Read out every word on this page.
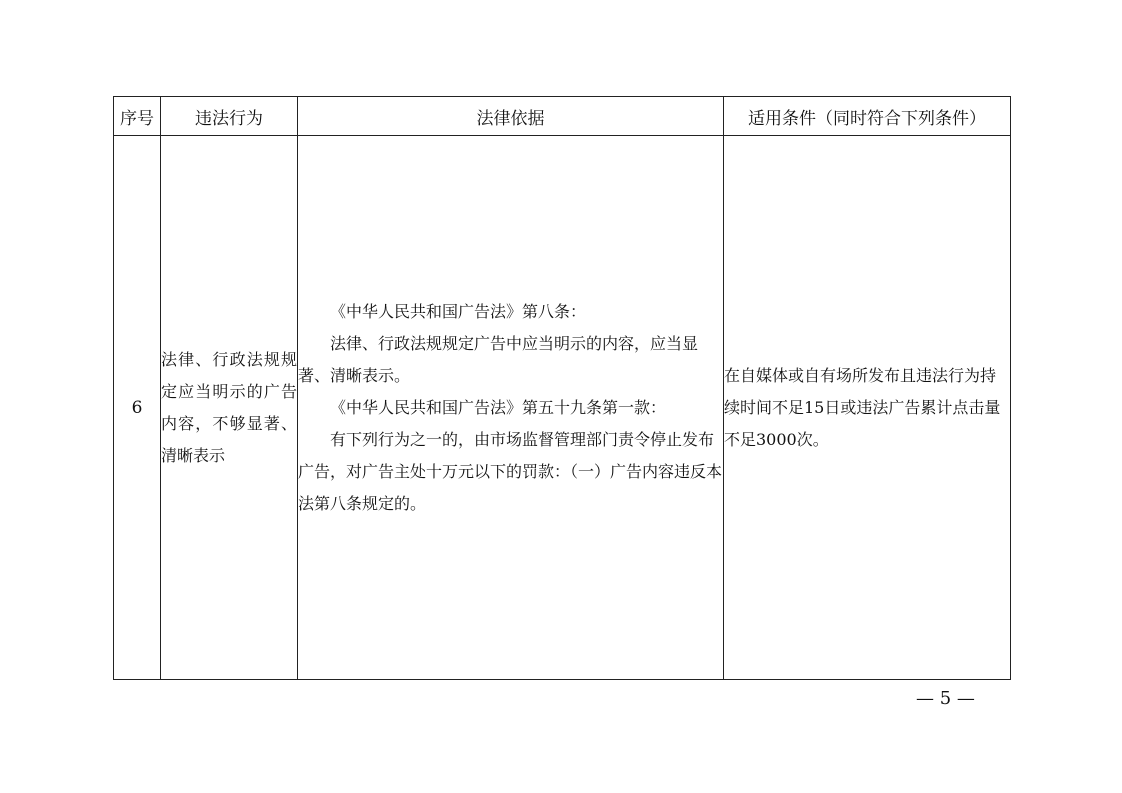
序号	违法行为	法律依据	适用条件（同时符合下列条件）
6	法律、行政法规规定应当明示的广告内容，不够显著、清晰表示	《中华人民共和国广告法》第八条：

法律、行政法规规定广告中应当明示的内容，应当显著、清晰表示。

《中华人民共和国广告法》第五十九条第一款：

有下列行为之一的，由市场监督管理部门责令停止发布广告，对广告主处十万元以下的罚款：（一）广告内容违反本法第八条规定的。	在自媒体或自有场所发布且违法行为持续时间不足15日或违法广告累计点击量不足3000次。
— 5 —
